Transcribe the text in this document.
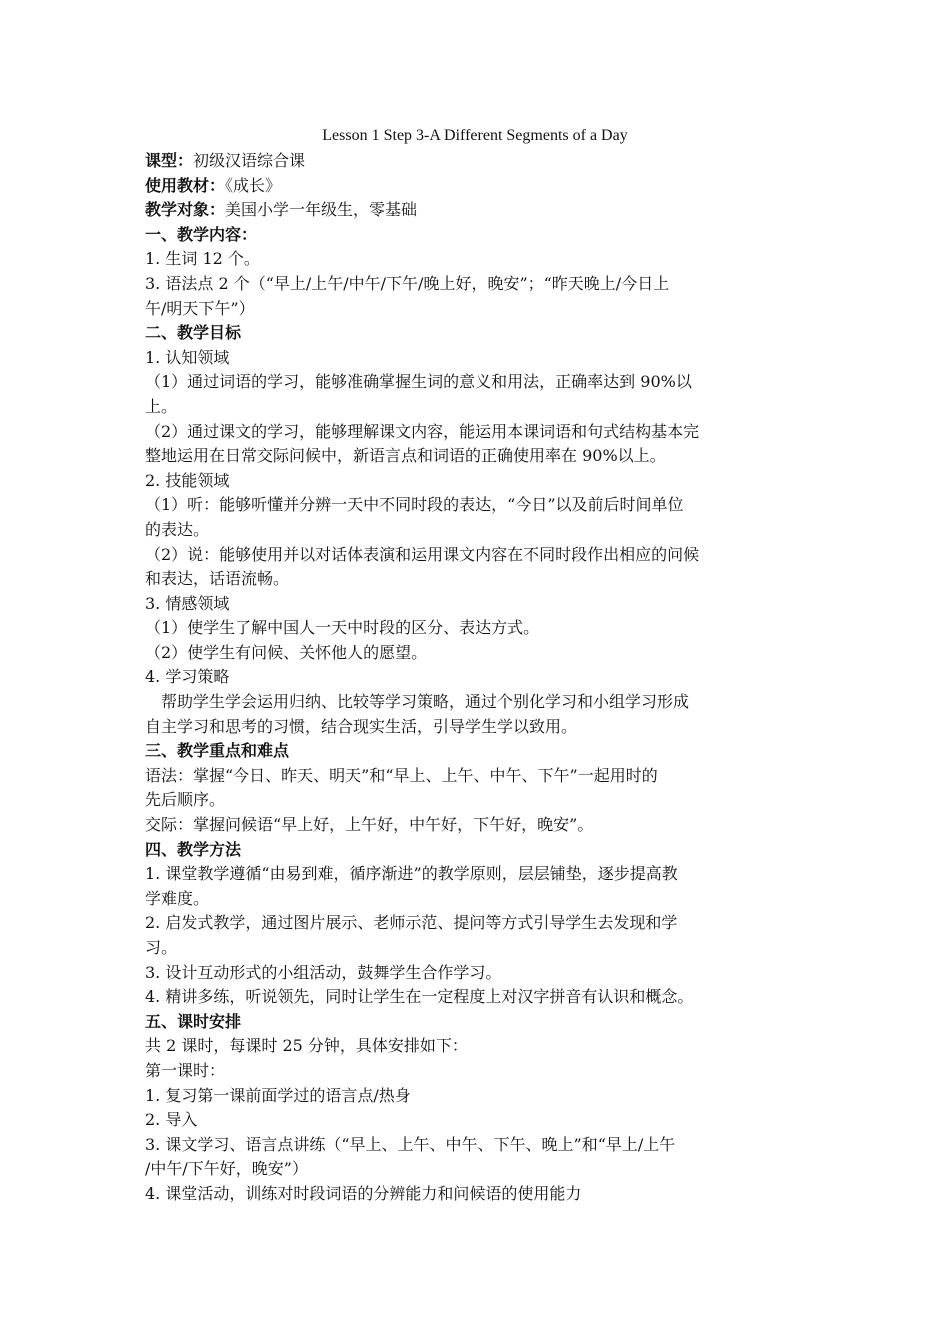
Lesson 1 Step 3-A Different Segments of a Day
课型：初级汉语综合课
使用教材：《成长》
教学对象：美国小学一年级生，零基础
一、教学内容：
1. 生词 12 个。
3. 语法点 2 个（“早上/上午/中午/下午/晚上好，晚安”；“昨天晚上/今日上
午/明天下午”）
二、教学目标
1. 认知领域
（1）通过词语的学习，能够准确掌握生词的意义和用法，正确率达到 90%以
上。
（2）通过课文的学习，能够理解课文内容，能运用本课词语和句式结构基本完
整地运用在日常交际问候中，新语言点和词语的正确使用率在 90%以上。
2. 技能领域
（1）听：能够听懂并分辨一天中不同时段的表达，“今日”以及前后时间单位
的表达。
（2）说：能够使用并以对话体表演和运用课文内容在不同时段作出相应的问候
和表达，话语流畅。
3. 情感领域
（1）使学生了解中国人一天中时段的区分、表达方式。
（2）使学生有问候、关怀他人的愿望。
4. 学习策略
帮助学生学会运用归纳、比较等学习策略，通过个别化学习和小组学习形成
自主学习和思考的习惯，结合现实生活，引导学生学以致用。
三、教学重点和难点
语法：掌握“今日、昨天、明天”和“早上、上午、中午、下午”一起用时的
先后顺序。
交际：掌握问候语“早上好，上午好，中午好，下午好，晚安”。
四、教学方法
1. 课堂教学遵循“由易到难，循序渐进”的教学原则，层层铺垫，逐步提高教
学难度。
2. 启发式教学，通过图片展示、老师示范、提问等方式引导学生去发现和学
习。
3. 设计互动形式的小组活动，鼓舞学生合作学习。
4. 精讲多练，听说领先，同时让学生在一定程度上对汉字拼音有认识和概念。
五、课时安排
共 2 课时，每课时 25 分钟，具体安排如下：
第一课时：
1. 复习第一课前面学过的语言点/热身
2. 导入
3. 课文学习、语言点讲练（“早上、上午、中午、下午、晚上”和“早上/上午
/中午/下午好，晚安”）
4. 课堂活动，训练对时段词语的分辨能力和问候语的使用能力
